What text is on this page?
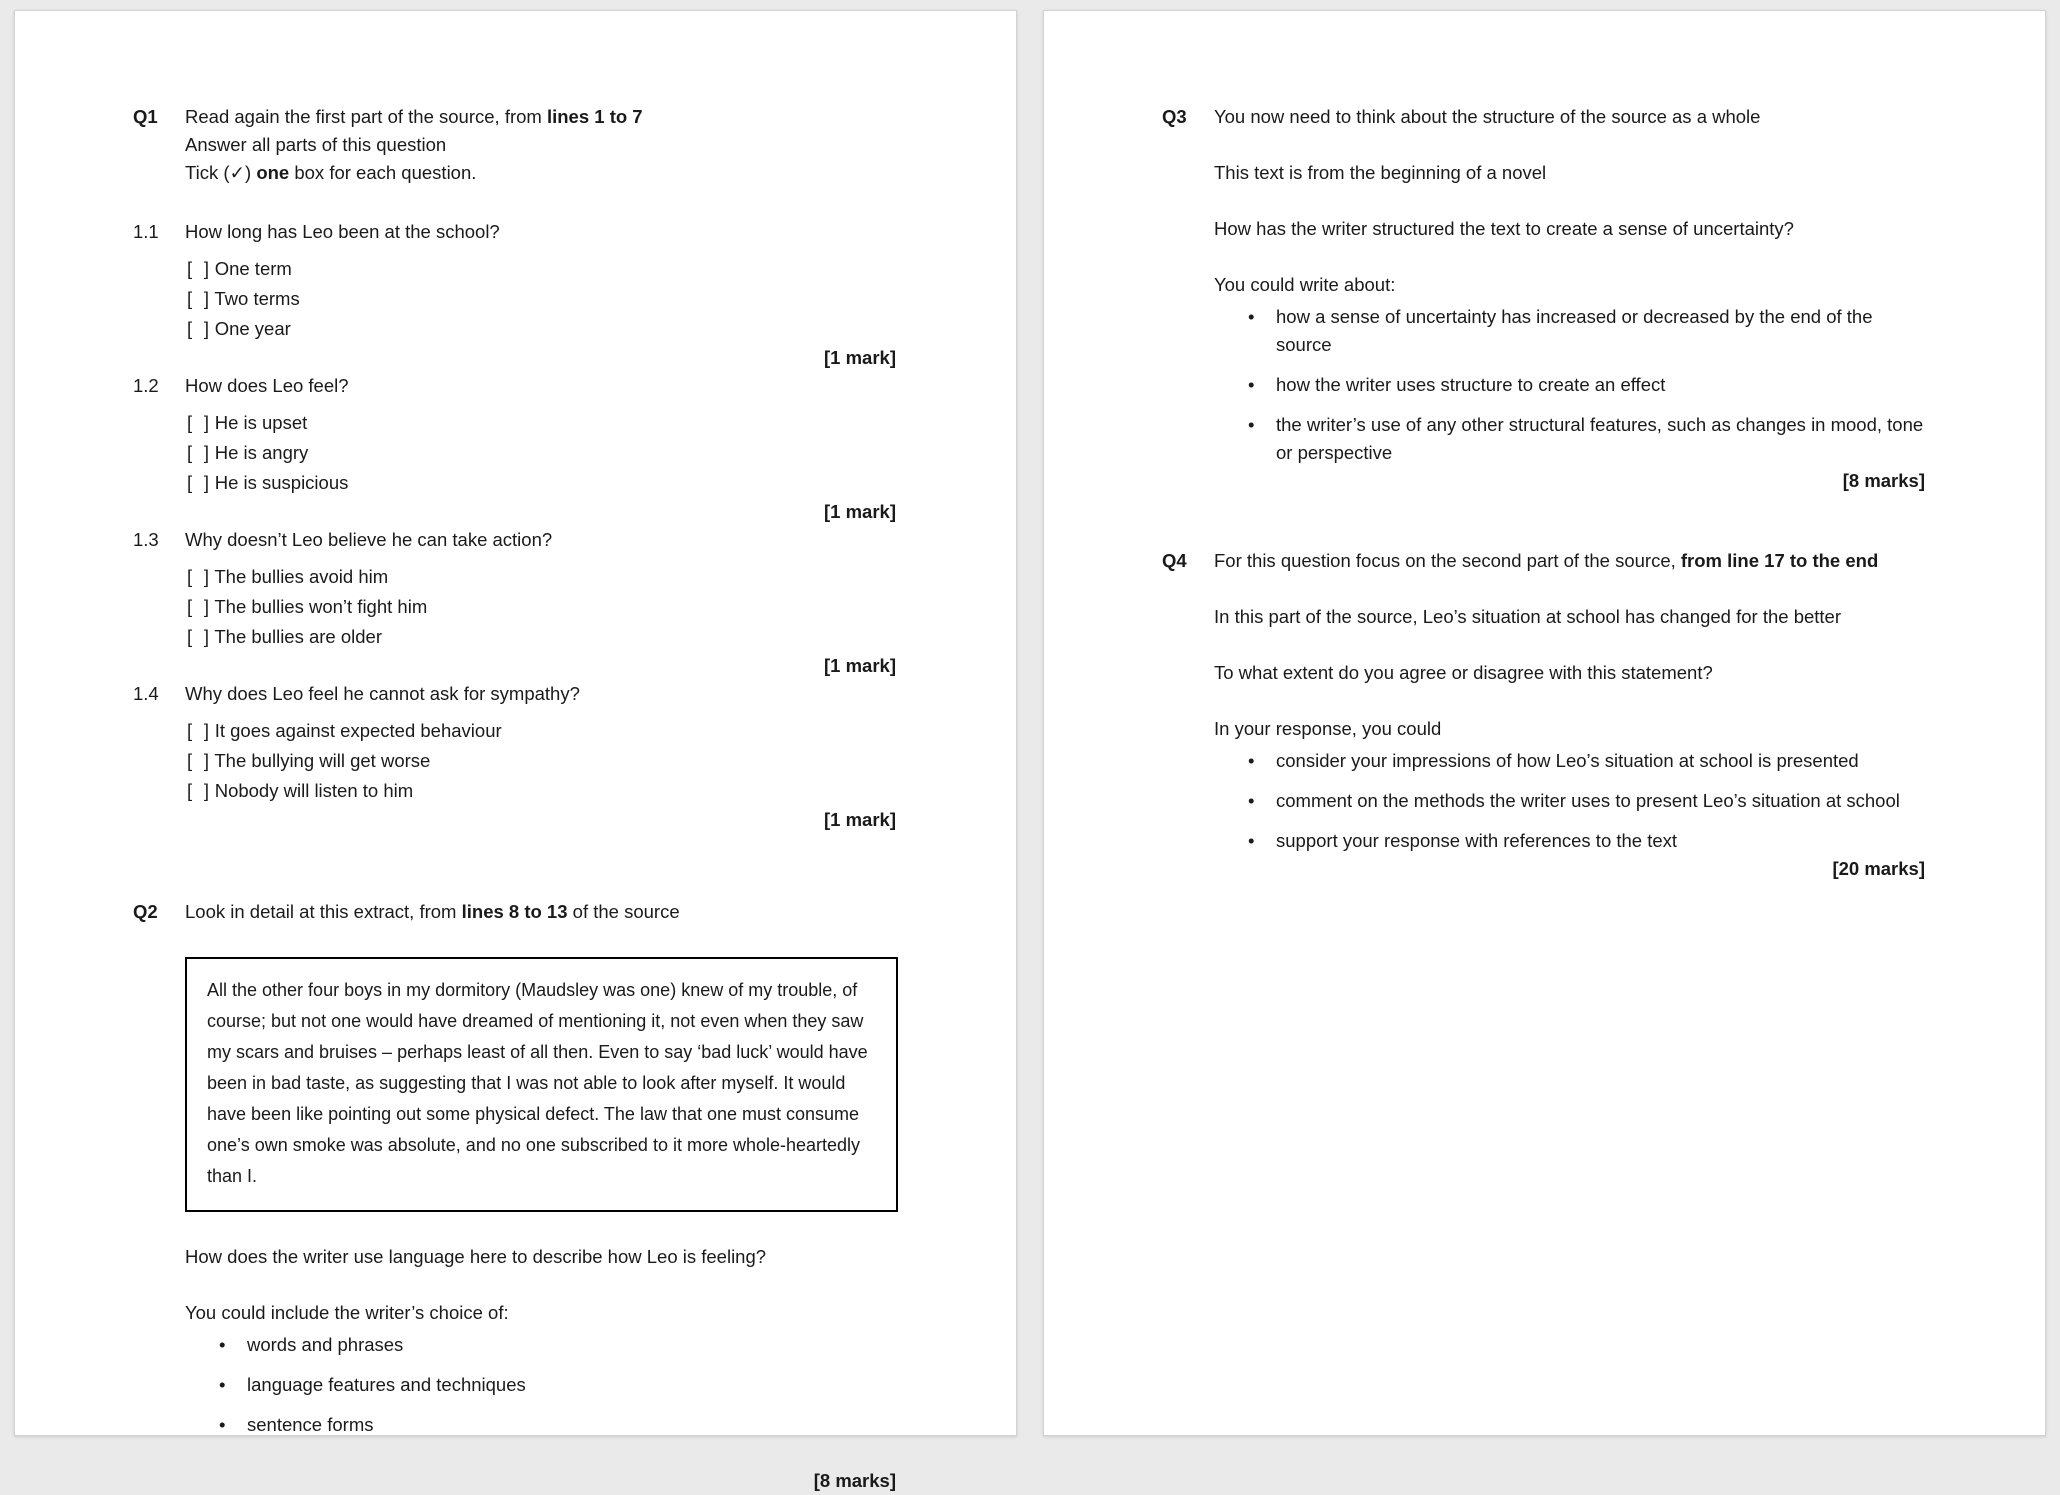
Q1	Read again the first part of the source, from lines 1 to 7

Answer all parts of this question

Tick (✓) one box for each question.

1.1	How long has Leo been at the school?

[  ] One term

[  ] Two terms

[  ] One year

[1 mark]

1.2	How does Leo feel?

[  ] He is upset

[  ] He is angry

[  ] He is suspicious

[1 mark]

1.3	Why doesn’t Leo believe he can take action?

[  ] The bullies avoid him

[  ] The bullies won’t fight him

[  ] The bullies are older

[1 mark]

1.4	Why does Leo feel he cannot ask for sympathy?

[  ] It goes against expected behaviour

[  ] The bullying will get worse

[  ] Nobody will listen to him

[1 mark]

Q2	Look in detail at this extract, from lines 8 to 13 of the source

All the other four boys in my dormitory (Maudsley was one) knew of my trouble, of course; but not one would have dreamed of mentioning it, not even when they saw my scars and bruises – perhaps least of all then. Even to say ‘bad luck’ would have been in bad taste, as suggesting that I was not able to look after myself. It would have been like pointing out some physical defect. The law that one must consume one’s own smoke was absolute, and no one subscribed to it more whole-heartedly than I.

How does the writer use language here to describe how Leo is feeling?

You could include the writer’s choice of:

• words and phrases
• language features and techniques
• sentence forms

[8 marks]

Q3	You now need to think about the structure of the source as a whole

This text is from the beginning of a novel

How has the writer structured the text to create a sense of uncertainty?

You could write about:

• how a sense of uncertainty has increased or decreased by the end of the source
• how the writer uses structure to create an effect
• the writer’s use of any other structural features, such as changes in mood, tone or perspective

[8 marks]

Q4	For this question focus on the second part of the source, from line 17 to the end

In this part of the source, Leo’s situation at school has changed for the better

To what extent do you agree or disagree with this statement?

In your response, you could

• consider your impressions of how Leo’s situation at school is presented
• comment on the methods the writer uses to present Leo’s situation at school
• support your response with references to the text

[20 marks]
